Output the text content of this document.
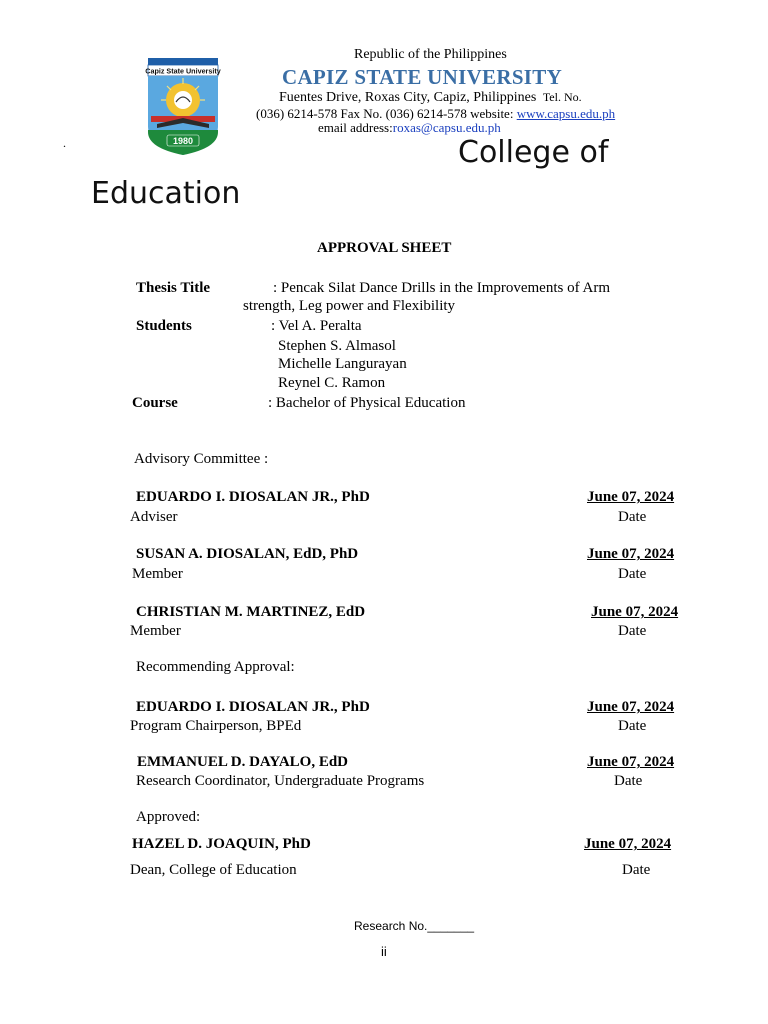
Capiz State University
1980
Republic of the Philippines
CAPIZ STATE UNIVERSITY
Fuentes Drive, Roxas City, Capiz, Philippines Tel. No.
(036) 6214-578 Fax No. (036) 6214-578 website: www.capsu.edu.ph
email address:roxas@capsu.edu.ph
.	College of
Education
APPROVAL SHEET
Thesis Title	: Pencak Silat Dance Drills in the Improvements of Arm
strength, Leg power and Flexibility
Students	: Vel A. Peralta
Stephen S. Almasol
Michelle Langurayan
Reynel C. Ramon
Course	: Bachelor of Physical Education
Advisory Committee :
EDUARDO I. DIOSALAN JR., PhD	June 07, 2024
Adviser	Date
SUSAN A. DIOSALAN, EdD, PhD	June 07, 2024
Member	Date
CHRISTIAN M. MARTINEZ, EdD	June 07, 2024
Member	Date
Recommending Approval:
EDUARDO I. DIOSALAN JR., PhD	June 07, 2024
Program Chairperson, BPEd	Date
EMMANUEL D. DAYALO, EdD	June 07, 2024
Research Coordinator, Undergraduate Programs	Date
Approved:
HAZEL D. JOAQUIN, PhD	June 07, 2024
Dean, College of Education	Date
Research No._______
ii
